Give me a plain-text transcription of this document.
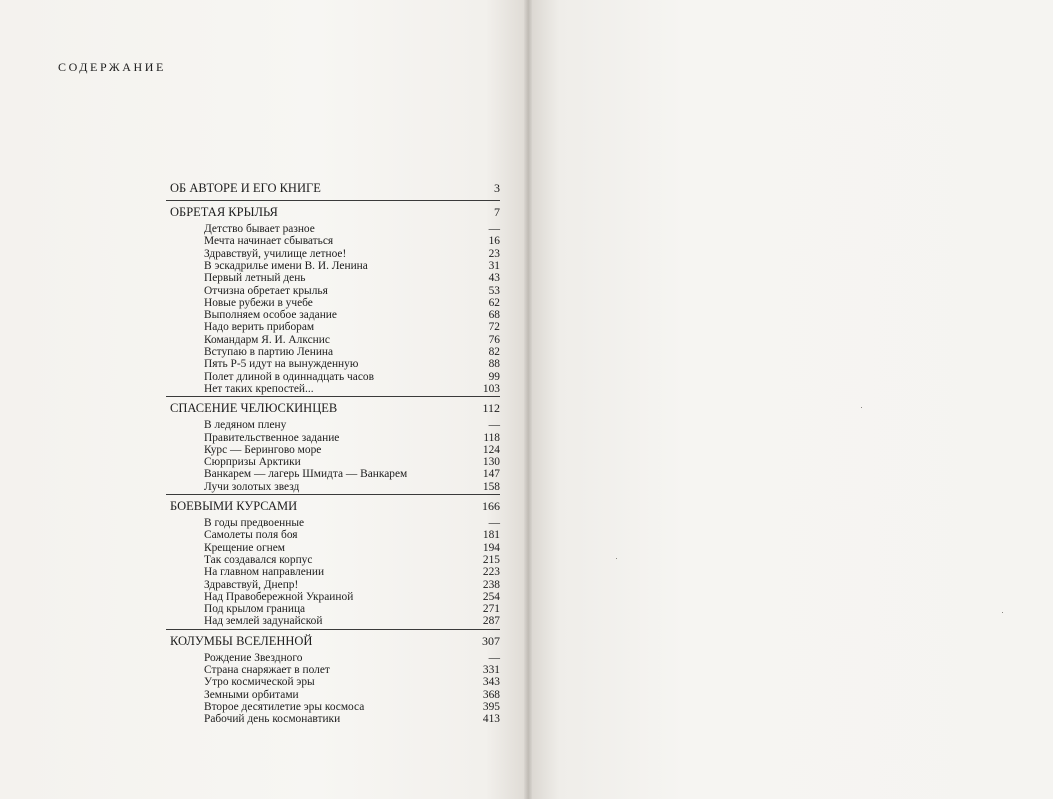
СОДЕРЖАНИЕ
ОБ АВТОРЕ И ЕГО КНИГЕ	3
ОБРЕТАЯ КРЫЛЬЯ	7
Детство бывает разное	—
Мечта начинает сбываться	16
Здравствуй, училище летное!	23
В эскадрилье имени В. И. Ленина	31
Первый летный день	43
Отчизна обретает крылья	53
Новые рубежи в учебе	62
Выполняем особое задание	68
Надо верить приборам	72
Командарм Я. И. Алкснис	76
Вступаю в партию Ленина	82
Пять Р-5 идут на вынужденную	88
Полет длиной в одиннадцать часов	99
Нет таких крепостей...	103
СПАСЕНИЕ ЧЕЛЮСКИНЦЕВ	112
В ледяном плену	—
Правительственное задание	118
Курс — Берингово море	124
Сюрпризы Арктики	130
Ванкарем — лагерь Шмидта — Ванкарем	147
Лучи золотых звезд	158
БОЕВЫМИ КУРСАМИ	166
В годы предвоенные	—
Самолеты поля боя	181
Крещение огнем	194
Так создавался корпус	215
На главном направлении	223
Здравствуй, Днепр!	238
Над Правобережной Украиной	254
Под крылом граница	271
Над землей задунайской	287
КОЛУМБЫ ВСЕЛЕННОЙ	307
Рождение Звездного	—
Страна снаряжает в полет	331
Утро космической эры	343
Земными орбитами	368
Второе десятилетие эры космоса	395
Рабочий день космонавтики	413
